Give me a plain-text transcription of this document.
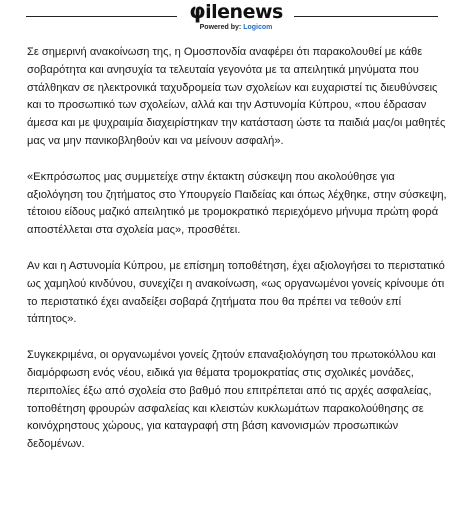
φilenews
Powered by: Logicom

Σε σημερινή ανακοίνωση της, η Ομοσπονδία αναφέρει ότι παρακολουθεί με κάθε σοβαρότητα και ανησυχία τα τελευταία γεγονότα με τα απειλητικά μηνύματα που στάλθηκαν σε ηλεκτρονικά ταχυδρομεία των σχολείων και ευχαριστεί τις διευθύνσεις και το προσωπικό των σχολείων, αλλά και την Αστυνομία Κύπρου, «που έδρασαν άμεσα και με ψυχραιμία διαχειρίστηκαν την κατάσταση ώστε τα παιδιά μας/οι μαθητές μας να μην πανικοβληθούν και να μείνουν ασφαλή».

«Εκπρόσωπος μας συμμετείχε στην έκτακτη σύσκεψη που ακολούθησε για αξιολόγηση του ζητήματος στο Υπουργείο Παιδείας και όπως λέχθηκε, στην σύσκεψη, τέτοιου είδους μαζικό απειλητικό με τρομοκρατικό περιεχόμενο μήνυμα πρώτη φορά αποστέλλεται στα σχολεία μας», προσθέτει.

Αν και η Αστυνομία Κύπρου, με επίσημη τοποθέτηση, έχει αξιολογήσει το περιστατικό ως χαμηλού κινδύνου, συνεχίζει η ανακοίνωση, «ως οργανωμένοι γονείς κρίνουμε ότι το περιστατικό έχει αναδείξει σοβαρά ζητήματα που θα πρέπει να τεθούν επί τάπητος».

Συγκεκριμένα, οι οργανωμένοι γονείς ζητούν επαναξιολόγηση του πρωτοκόλλου και διαμόρφωση ενός νέου, ειδικά για θέματα τρομοκρατίας στις σχολικές μονάδες, περιπολίες έξω από σχολεία στο βαθμό που επιτρέπεται από τις αρχές ασφαλείας, τοποθέτηση φρουρών ασφαλείας και κλειστών κυκλωμάτων παρακολούθησης σε κοινόχρηστους χώρους, για καταγραφή στη βάση κανονισμών προσωπικών δεδομένων.
